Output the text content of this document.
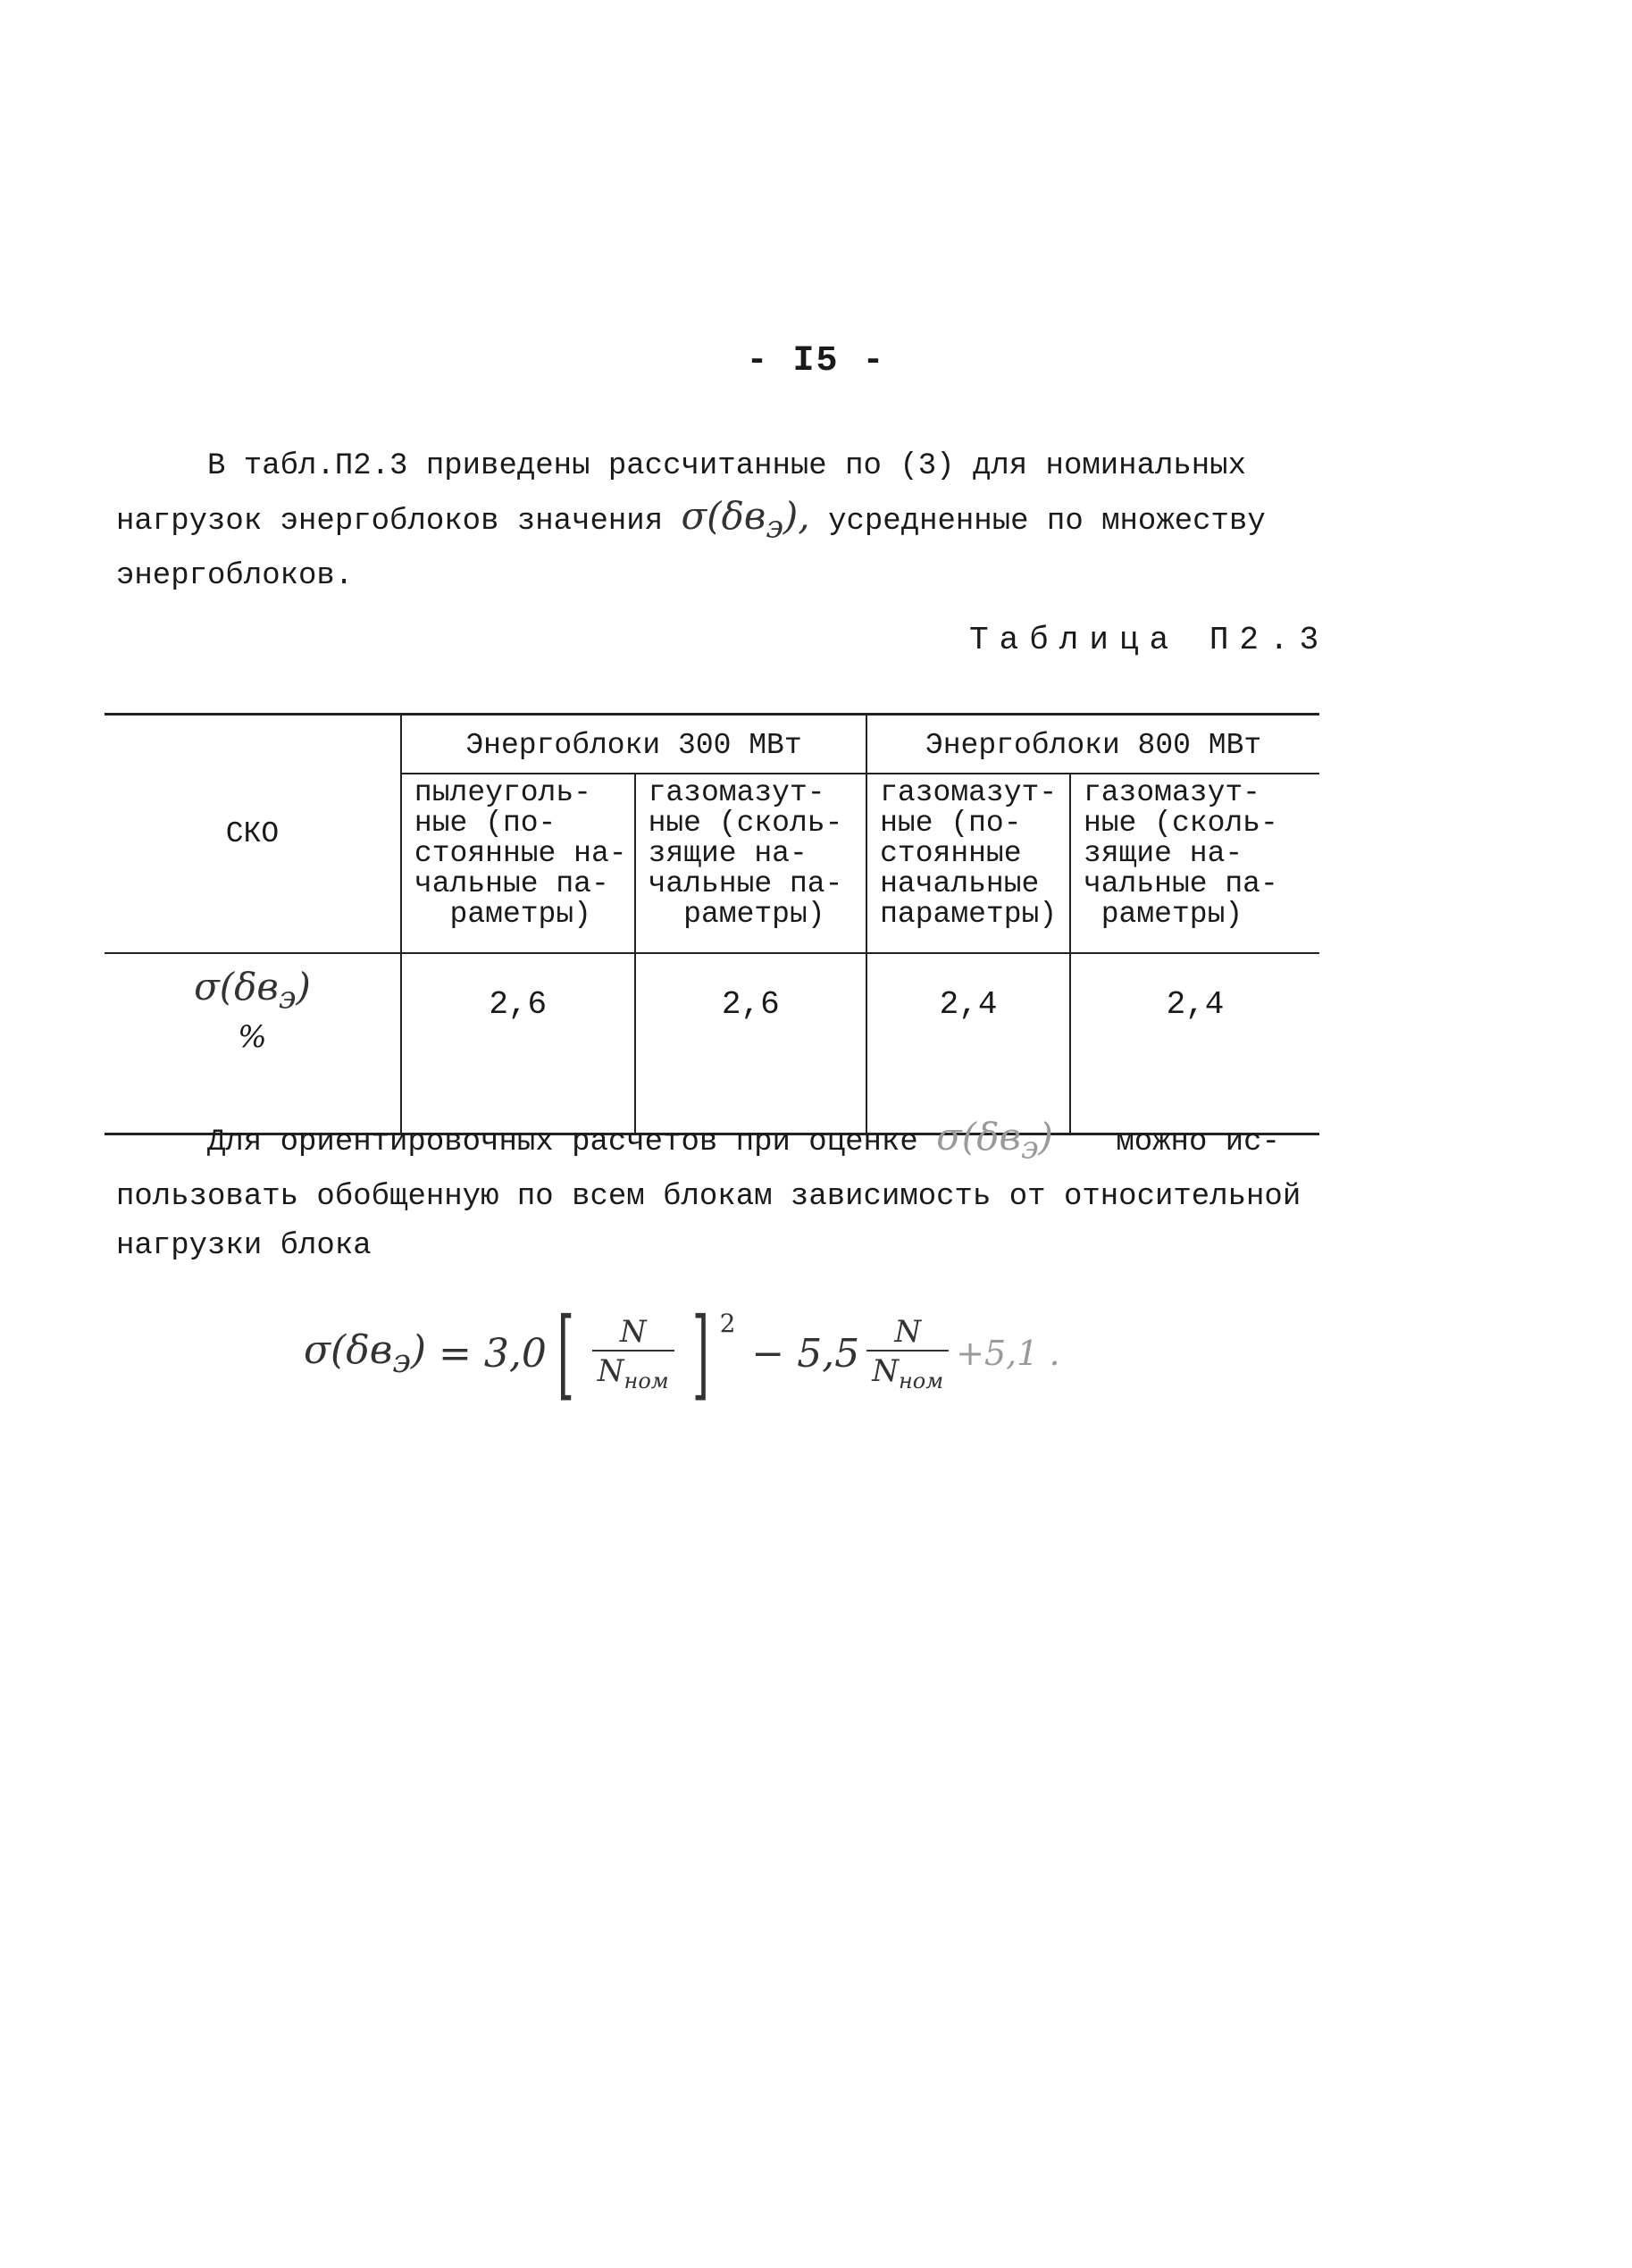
- I5 -
В табл.П2.3 приведены рассчитанные по (3) для номинальных
нагрузок энергоблоков значения $\sigma(\delta в_э)$, усредненные по множеству
энергоблоков.
Таблица П2.3
СКО	Энергоблоки 300 МВт		Энергоблоки 800 МВт	
	пылеуголь-
ные (по-
стоянные на-
чальные па-
раметры)	газомазут-
ные (сколь-
зящие на-
чальные па-
раметры)	газомазут-
ные (по-
стоянные
начальные
параметры)	газомазут-
ные (сколь-
зящие на-
чальные па-
раметры)
$\sigma(\delta в_э)$
%	2,6	2,6	2,4	2,4
Для ориентировочных расчетов при оценке $\sigma(\delta в_э)$ можно ис-
пользовать обобщенную по всем блокам зависимость от относительной
нагрузки блока
$\sigma(\delta в_э) = 3,0$ [ $\frac{N}{N_{ном}}$ ] 2
− $5,5 \frac{N}{N_{ном}} +5,1$ .
